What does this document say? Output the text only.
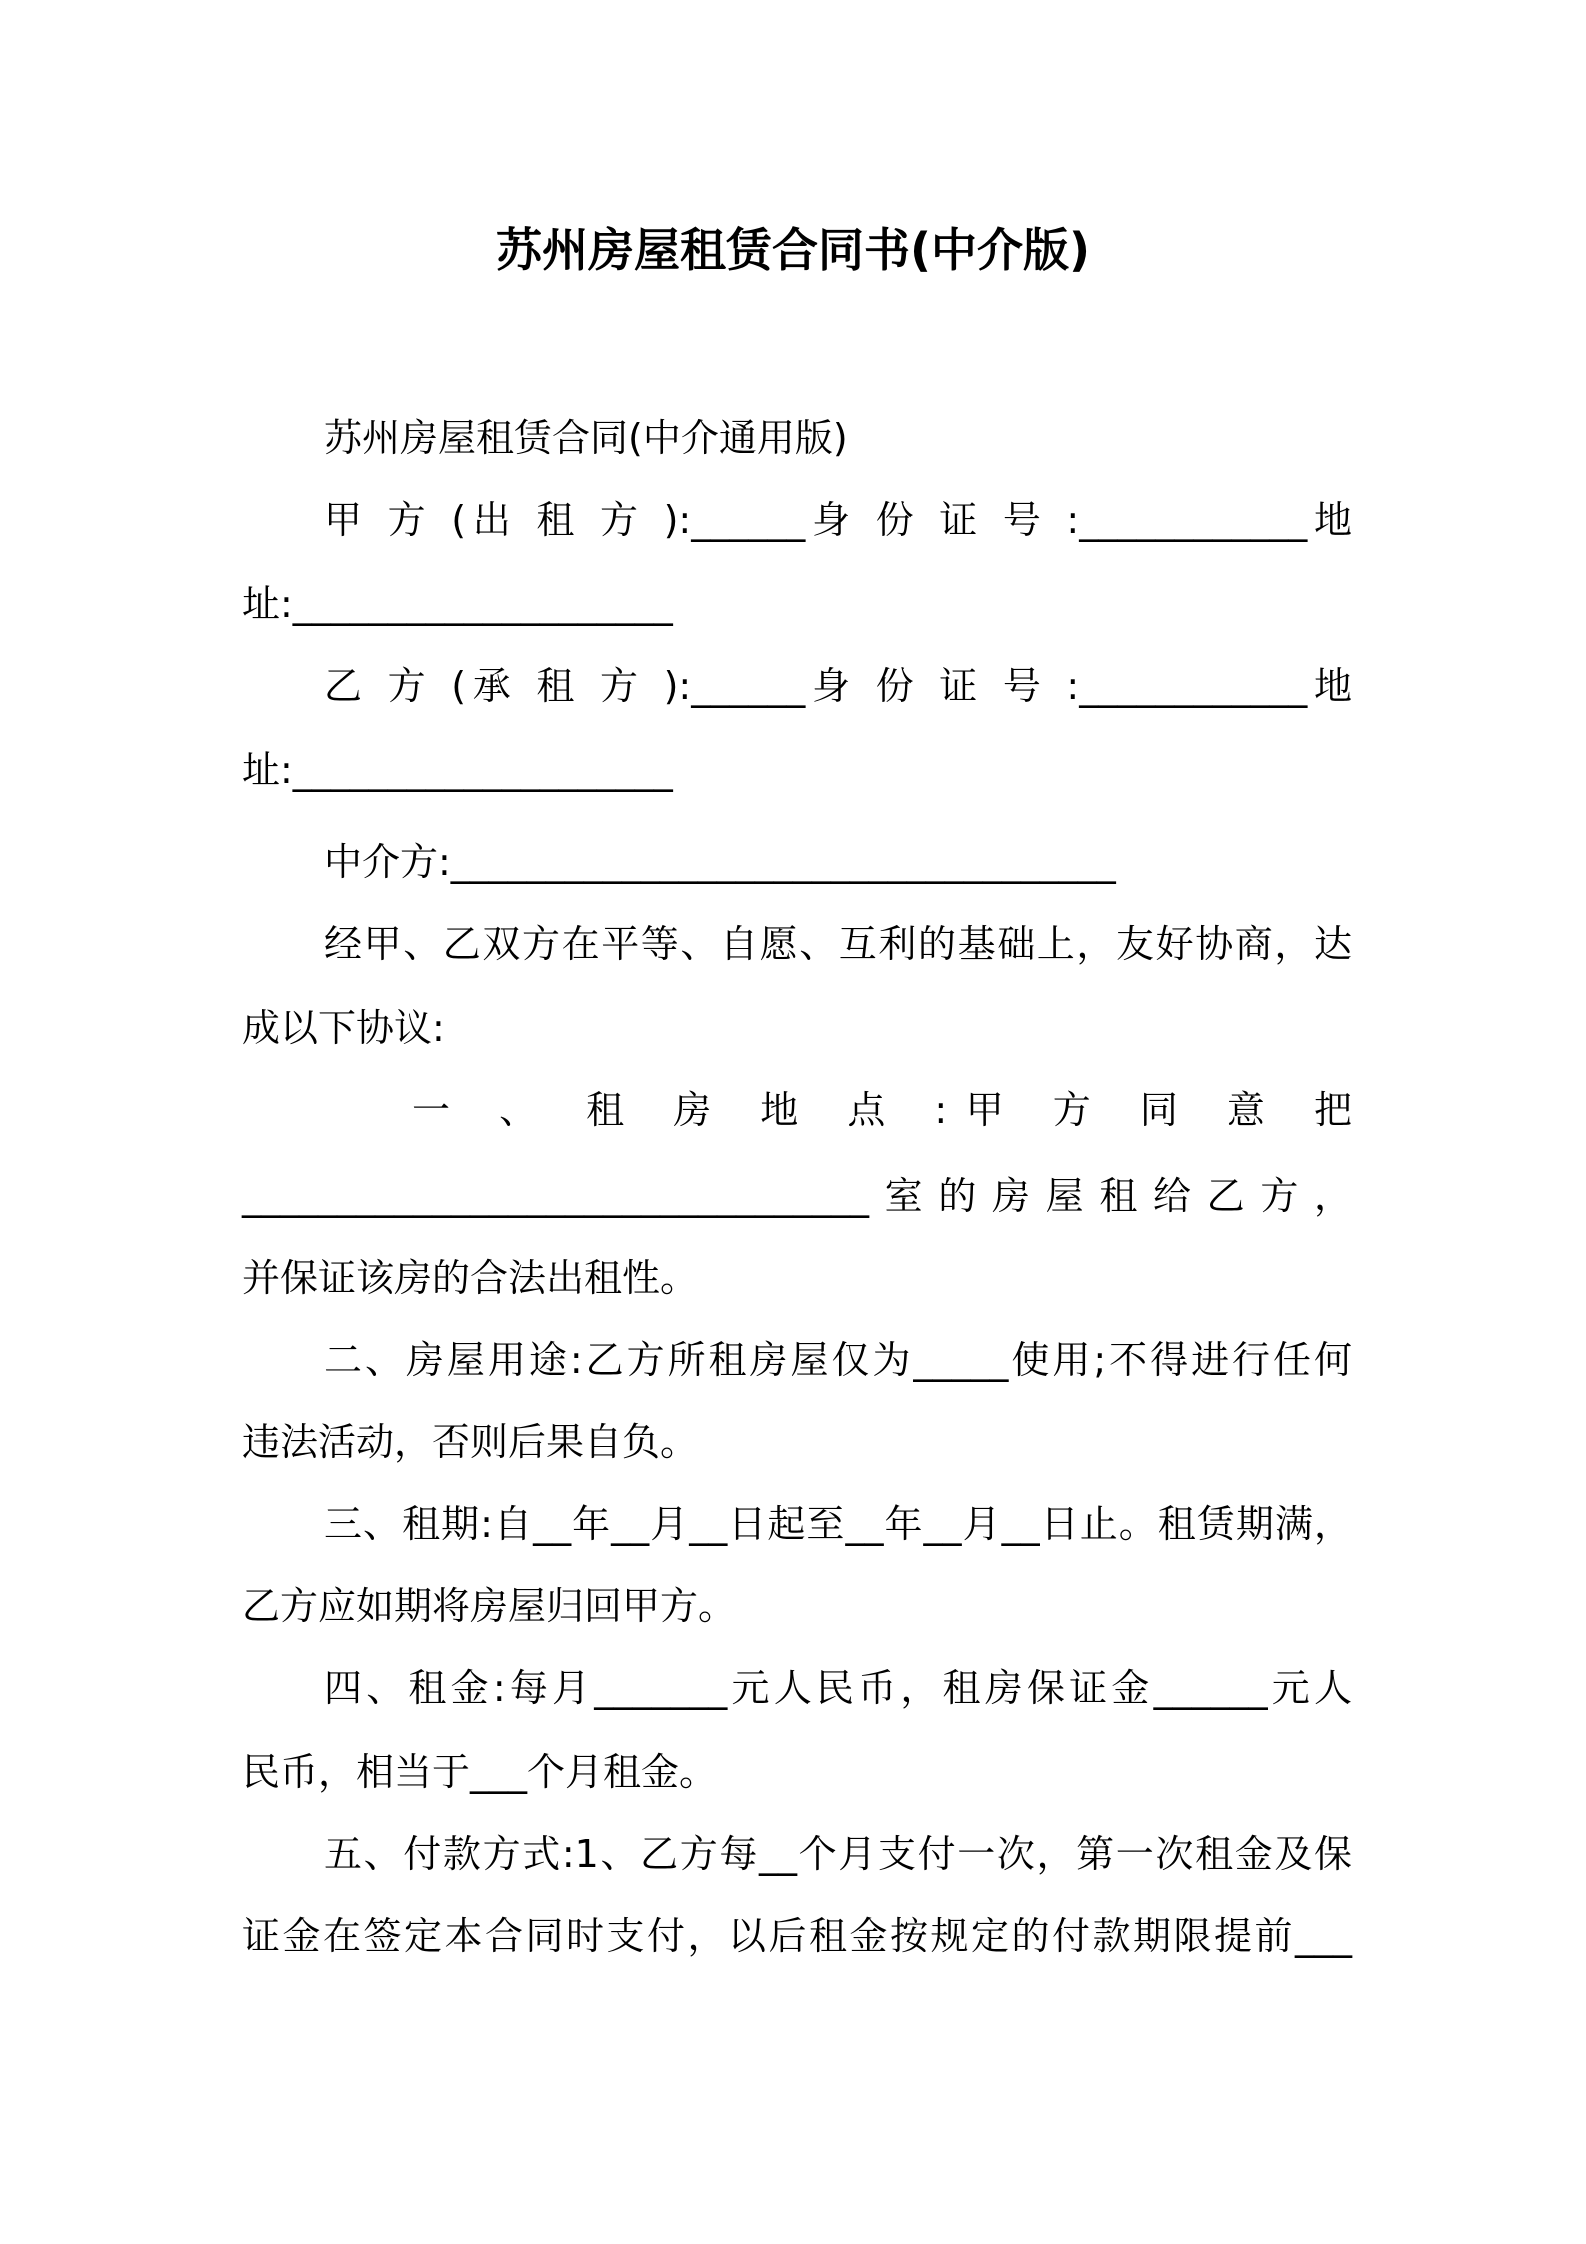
苏州房屋租赁合同书(中介版)
苏州房屋租赁合同(中介通用版)
甲 方 (出 租 方 ):______身 份 证 号 :____________地
址:____________________
乙 方 (承 租 方 ):______身 份 证 号 :____________地
址:____________________
中介方:___________________________________
经甲、乙双方在平等、自愿、互利的基础上，友好协商，达
成以下协议:
一 、 租 房 地 点 :甲 方 同 意 把
_________________________________室的房屋租给乙方，
并保证该房的合法出租性。
二、房屋用途:乙方所租房屋仅为_____使用;不得进行任何
违法活动，否则后果自负。
三、租期:自__年__月__日起至__年__月__日止。租赁期满，
乙方应如期将房屋归回甲方。
四、租金:每月_______元人民币，租房保证金______元人
民币，相当于___个月租金。
五、付款方式:1、乙方每__个月支付一次，第一次租金及保
证金在签定本合同时支付，以后租金按规定的付款期限提前___
